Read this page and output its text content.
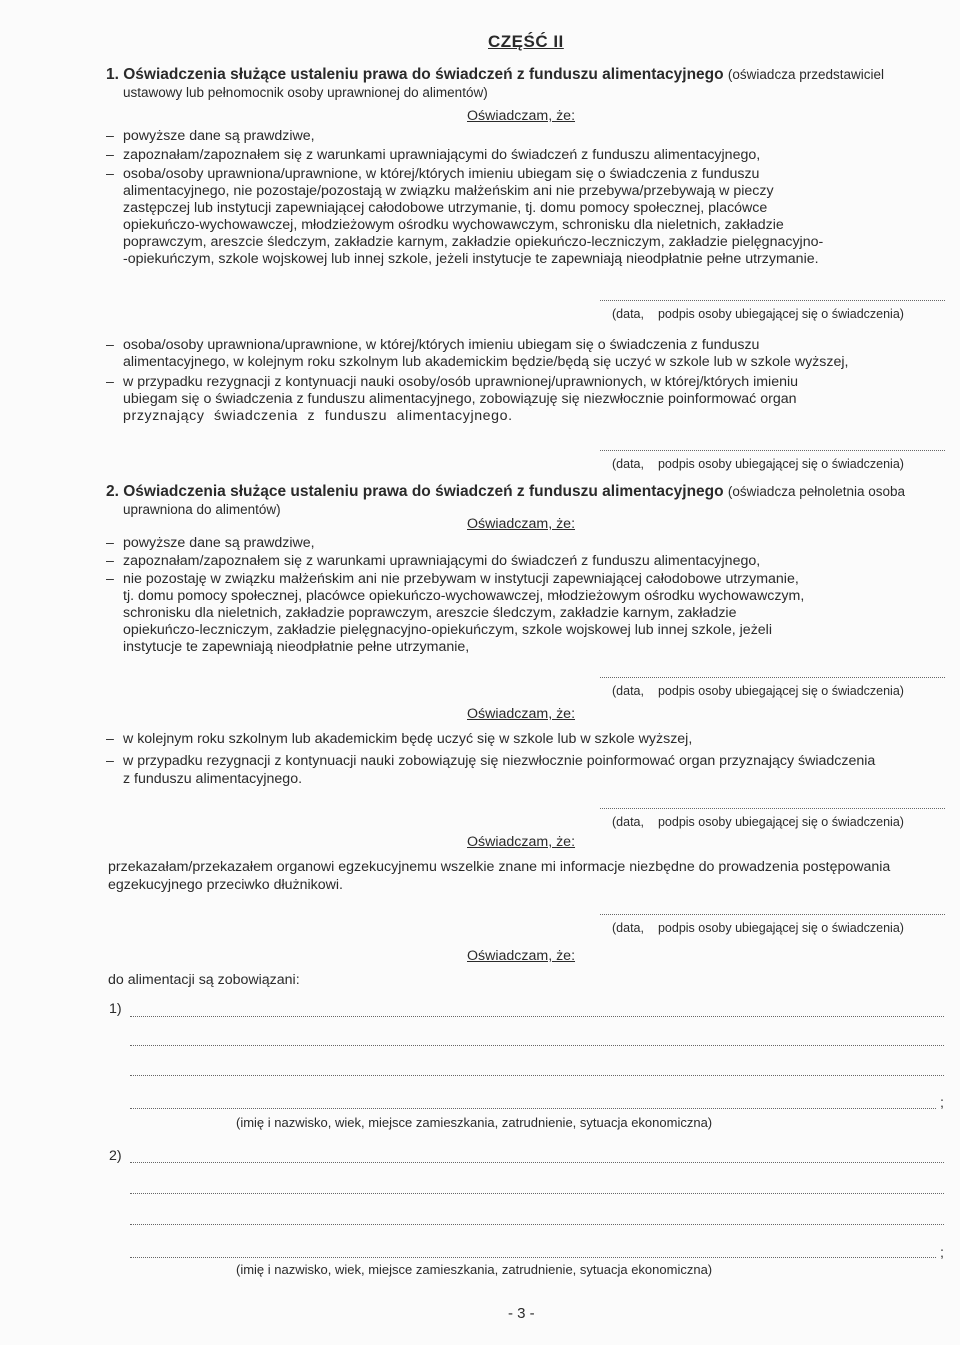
CZĘŚĆ II
1. Oświadczenia służące ustaleniu prawa do świadczeń z funduszu alimentacyjnego (oświadcza przedstawiciel
ustawowy lub pełnomocnik osoby uprawnionej do alimentów)
Oświadczam, że:
– powyższe dane są prawdziwe,
– zapoznałam/zapoznałem się z warunkami uprawniającymi do świadczeń z funduszu alimentacyjnego,
– osoba/osoby uprawniona/uprawnione, w której/których imieniu ubiegam się o świadczenia z funduszu
alimentacyjnego, nie pozostaje/pozostają w związku małżeńskim ani nie przebywa/przebywają w pieczy
zastępczej lub instytucji zapewniającej całodobowe utrzymanie, tj. domu pomocy społecznej, placówce
opiekuńczo-wychowawczej, młodzieżowym ośrodku wychowawczym, schronisku dla nieletnich, zakładzie
poprawczym, areszcie śledczym, zakładzie karnym, zakładzie opiekuńczo-leczniczym, zakładzie pielęgnacyjno-
-opiekuńczym, szkole wojskowej lub innej szkole, jeżeli instytucje te zapewniają nieodpłatnie pełne utrzymanie.
(data, podpis osoby ubiegającej się o świadczenia)
– osoba/osoby uprawniona/uprawnione, w której/których imieniu ubiegam się o świadczenia z funduszu
alimentacyjnego, w kolejnym roku szkolnym lub akademickim będzie/będą się uczyć w szkole lub w szkole wyższej,
– w przypadku rezygnacji z kontynuacji nauki osoby/osób uprawnionej/uprawnionych, w której/których imieniu
ubiegam się o świadczenia z funduszu alimentacyjnego, zobowiązuję się niezwłocznie poinformować organ
przyznający świadczenia z funduszu alimentacyjnego.
(data, podpis osoby ubiegającej się o świadczenia)
2. Oświadczenia służące ustaleniu prawa do świadczeń z funduszu alimentacyjnego (oświadcza pełnoletnia osoba
uprawniona do alimentów)
Oświadczam, że:
– powyższe dane są prawdziwe,
– zapoznałam/zapoznałem się z warunkami uprawniającymi do świadczeń z funduszu alimentacyjnego,
– nie pozostaję w związku małżeńskim ani nie przebywam w instytucji zapewniającej całodobowe utrzymanie,
tj. domu pomocy społecznej, placówce opiekuńczo-wychowawczej, młodzieżowym ośrodku wychowawczym,
schronisku dla nieletnich, zakładzie poprawczym, areszcie śledczym, zakładzie karnym, zakładzie
opiekuńczo-leczniczym, zakładzie pielęgnacyjno-opiekuńczym, szkole wojskowej lub innej szkole, jeżeli
instytucje te zapewniają nieodpłatnie pełne utrzymanie,
(data, podpis osoby ubiegającej się o świadczenia)
Oświadczam, że:
– w kolejnym roku szkolnym lub akademickim będę uczyć się w szkole lub w szkole wyższej,
– w przypadku rezygnacji z kontynuacji nauki zobowiązuję się niezwłocznie poinformować organ przyznający świadczenia
z funduszu alimentacyjnego.
(data, podpis osoby ubiegającej się o świadczenia)
Oświadczam, że:
przekazałam/przekazałem organowi egzekucyjnemu wszelkie znane mi informacje niezbędne do prowadzenia postępowania
egzekucyjnego przeciwko dłużnikowi.
(data, podpis osoby ubiegającej się o świadczenia)
Oświadczam, że:
do alimentacji są zobowiązani:
1)
;
(imię i nazwisko, wiek, miejsce zamieszkania, zatrudnienie, sytuacja ekonomiczna)
2)
;
(imię i nazwisko, wiek, miejsce zamieszkania, zatrudnienie, sytuacja ekonomiczna)
- 3 -
